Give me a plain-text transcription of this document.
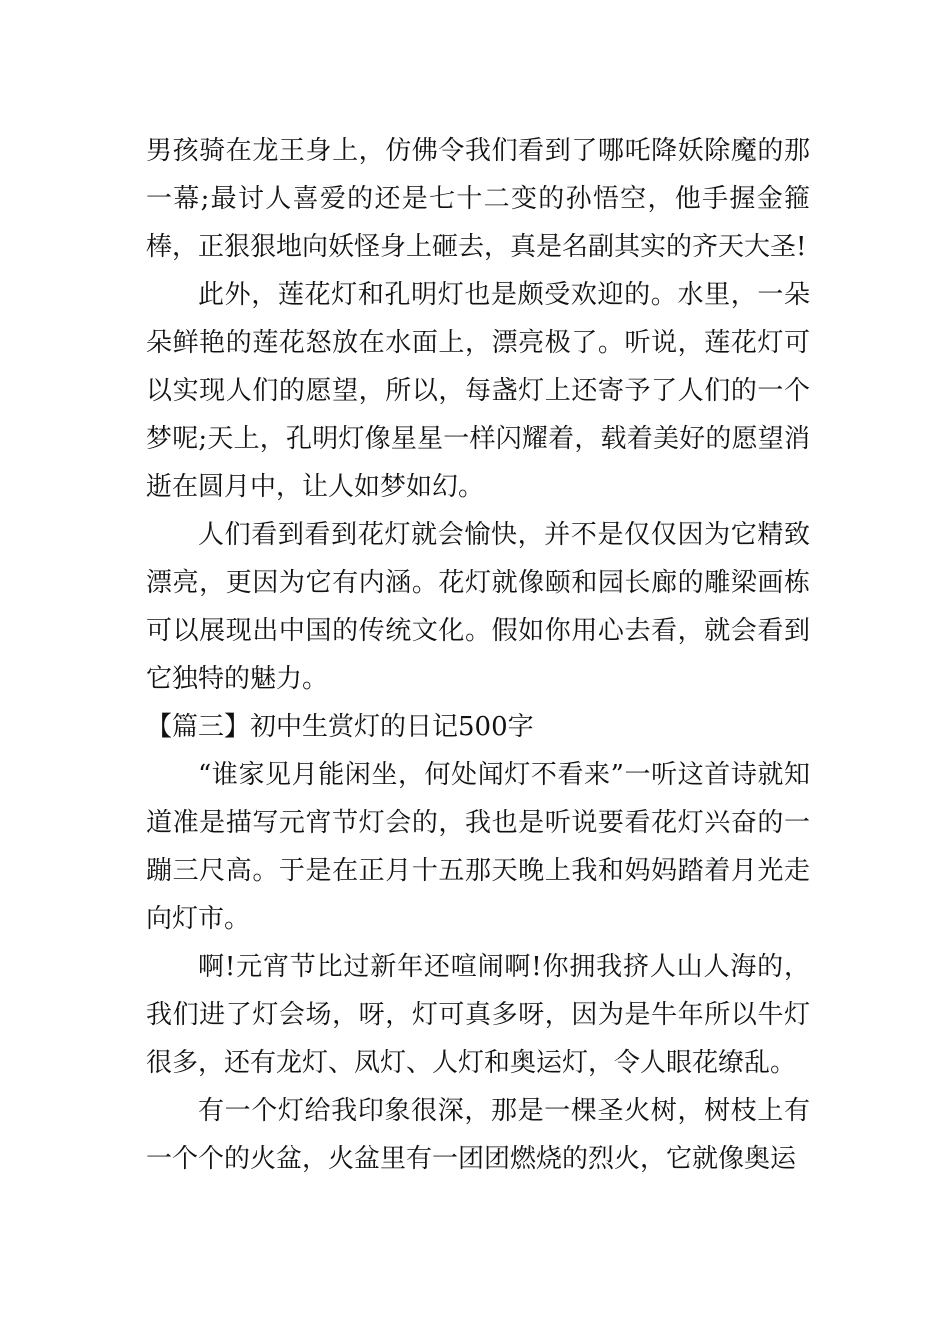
男孩骑在龙王身上，仿佛令我们看到了哪吒降妖除魔的那一幕;最讨人喜爱的还是七十二变的孙悟空，他手握金箍棒，正狠狠地向妖怪身上砸去，真是名副其实的齐天大圣!

此外，莲花灯和孔明灯也是颇受欢迎的。水里，一朵朵鲜艳的莲花怒放在水面上，漂亮极了。听说，莲花灯可以实现人们的愿望，所以，每盏灯上还寄予了人们的一个梦呢;天上，孔明灯像星星一样闪耀着，载着美好的愿望消逝在圆月中，让人如梦如幻。

人们看到看到花灯就会愉快，并不是仅仅因为它精致漂亮，更因为它有内涵。花灯就像颐和园长廊的雕梁画栋可以展现出中国的传统文化。假如你用心去看，就会看到它独特的魅力。

【篇三】初中生赏灯的日记500字

“谁家见月能闲坐，何处闻灯不看来”一听这首诗就知道准是描写元宵节灯会的，我也是听说要看花灯兴奋的一蹦三尺高。于是在正月十五那天晚上我和妈妈踏着月光走向灯市。

啊!元宵节比过新年还喧闹啊!你拥我挤人山人海的，我们进了灯会场，呀，灯可真多呀，因为是牛年所以牛灯很多，还有龙灯、凤灯、人灯和奥运灯，令人眼花缭乱。

有一个灯给我印象很深，那是一棵圣火树，树枝上有一个个的火盆，火盆里有一团团燃烧的烈火，它就像奥运
